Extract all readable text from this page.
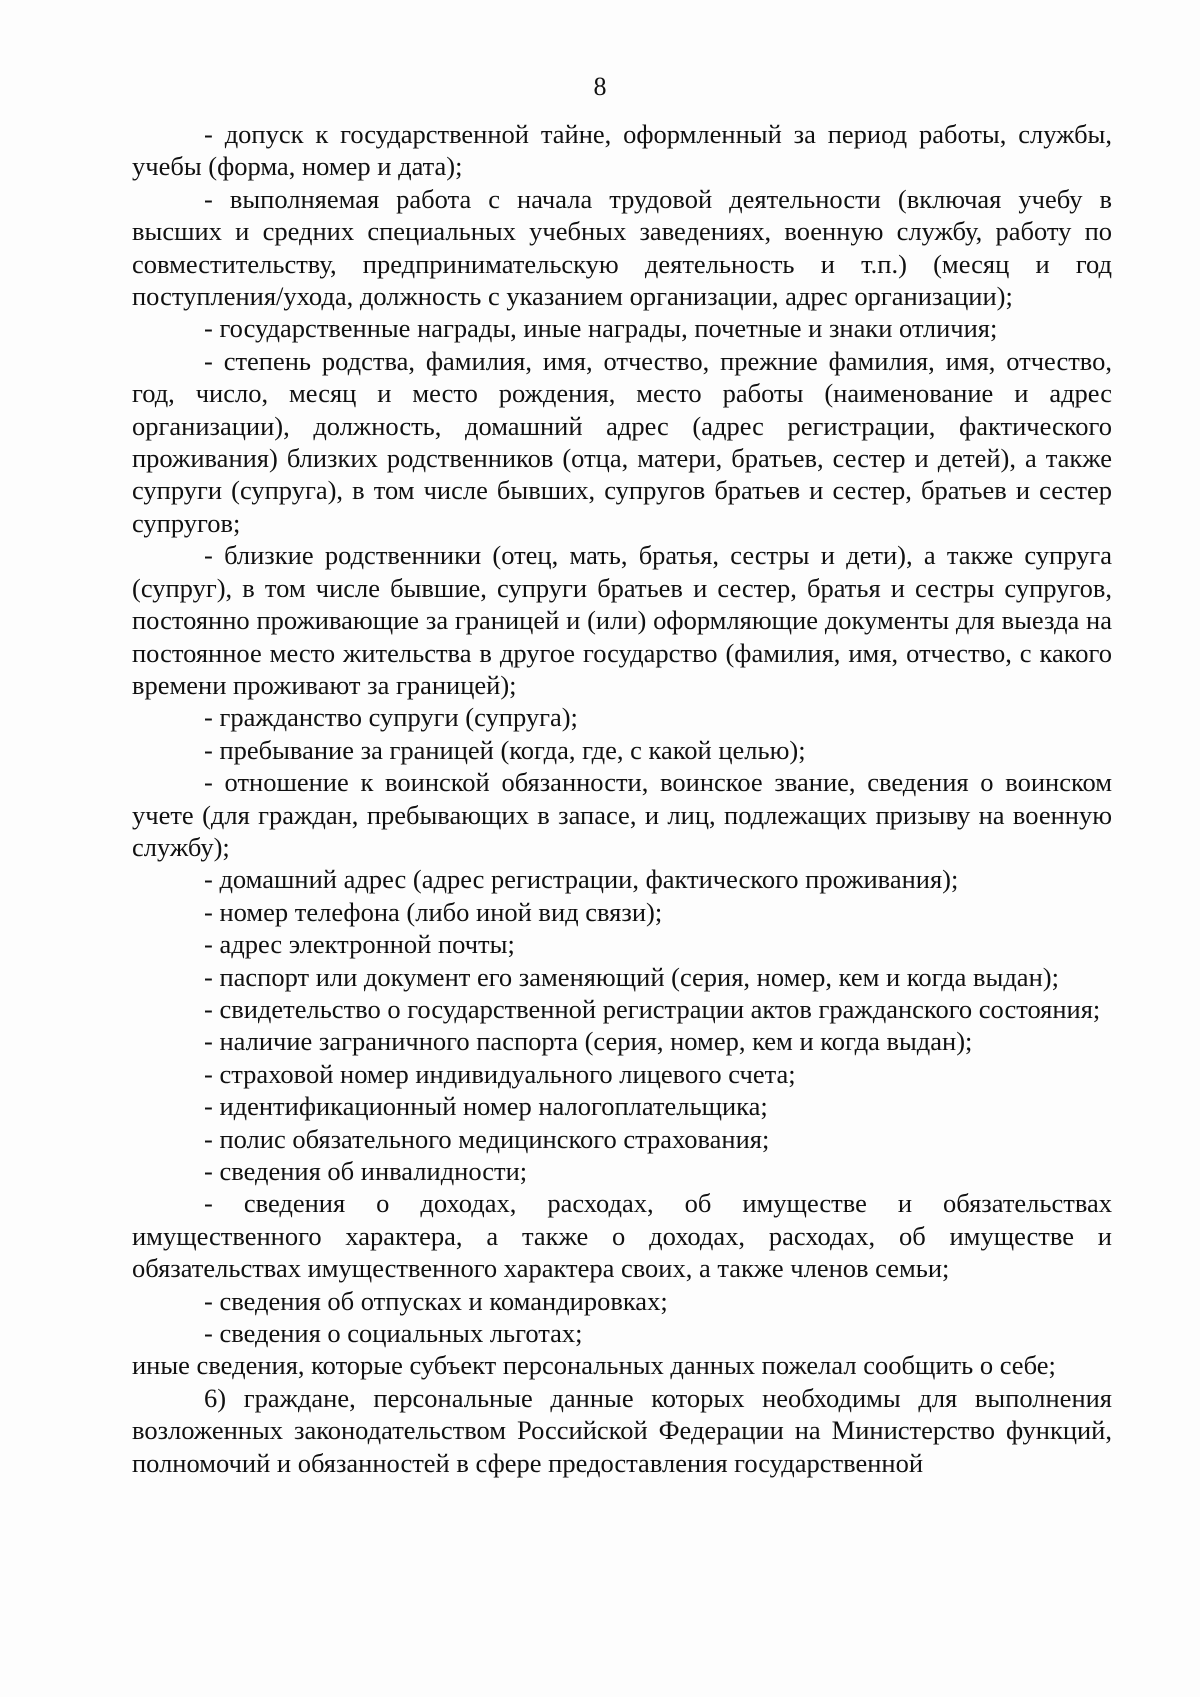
8

- допуск к государственной тайне, оформленный за период работы, службы, учебы (форма, номер и дата);

- выполняемая работа с начала трудовой деятельности (включая учебу в высших и средних специальных учебных заведениях, военную службу, работу по совместительству, предпринимательскую деятельность и т.п.) (месяц и год поступления/ухода, должность с указанием организации, адрес организации);

- государственные награды, иные награды, почетные и знаки отличия;

- степень родства, фамилия, имя, отчество, прежние фамилия, имя, отчество, год, число, месяц и место рождения, место работы (наименование и адрес организации), должность, домашний адрес (адрес регистрации, фактического проживания) близких родственников (отца, матери, братьев, сестер и детей), а также супруги (супруга), в том числе бывших, супругов братьев и сестер, братьев и сестер супругов;

- близкие родственники (отец, мать, братья, сестры и дети), а также супруга (супруг), в том числе бывшие, супруги братьев и сестер, братья и сестры супругов, постоянно проживающие за границей и (или) оформляющие документы для выезда на постоянное место жительства в другое государство (фамилия, имя, отчество, с какого времени проживают за границей);

- гражданство супруги (супруга);

- пребывание за границей (когда, где, с какой целью);

- отношение к воинской обязанности, воинское звание, сведения о воинском учете (для граждан, пребывающих в запасе, и лиц, подлежащих призыву на военную службу);

- домашний адрес (адрес регистрации, фактического проживания);

- номер телефона (либо иной вид связи);

- адрес электронной почты;

- паспорт или документ его заменяющий (серия, номер, кем и когда выдан);

- свидетельство о государственной регистрации актов гражданского состояния;

- наличие заграничного паспорта (серия, номер, кем и когда выдан);

- страховой номер индивидуального лицевого счета;

- идентификационный номер налогоплательщика;

- полис обязательного медицинского страхования;

- сведения об инвалидности;

- сведения о доходах, расходах, об имуществе и обязательствах имущественного характера, а также о доходах, расходах, об имуществе и обязательствах имущественного характера своих, а также членов семьи;

- сведения об отпусках и командировках;

- сведения о социальных льготах;

иные сведения, которые субъект персональных данных пожелал сообщить о себе;

6) граждане, персональные данные которых необходимы для выполнения возложенных законодательством Российской Федерации на Министерство функций, полномочий и обязанностей в сфере предоставления государственной
